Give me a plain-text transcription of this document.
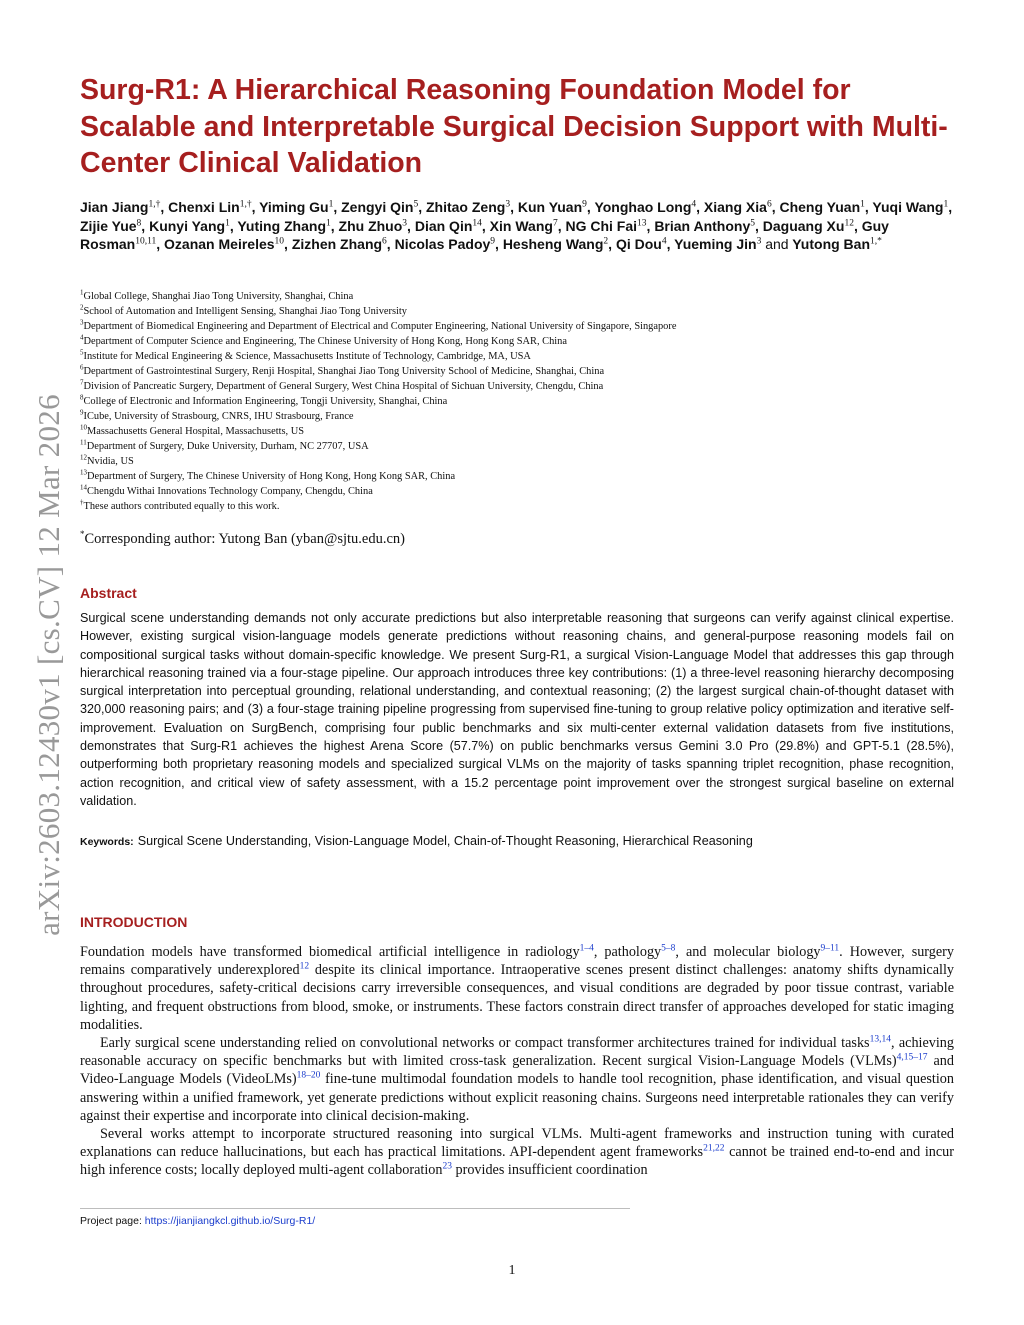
arXiv:2603.12430v1 [cs.CV] 12 Mar 2026
Surg-R1: A Hierarchical Reasoning Foundation Model for Scalable and Interpretable Surgical Decision Support with Multi-Center Clinical Validation

Jian Jiang$^{1,\dagger}$, Chenxi Lin$^{1,\dagger}$, Yiming Gu$^1$, Zengyi Qin$^5$, Zhitao Zeng$^3$, Kun Yuan$^9$, Yonghao Long$^4$, Xiang Xia$^6$, Cheng Yuan$^1$, Yuqi Wang$^1$, Zijie Yue$^8$, Kunyi Yang$^1$, Yuting Zhang$^1$, Zhu Zhuo$^3$, Dian Qin$^{14}$, Xin Wang$^7$, NG Chi Fai$^{13}$, Brian Anthony$^5$, Daguang Xu$^{12}$, Guy Rosman$^{10,11}$, Ozanan Meireles$^{10}$, Zizhen Zhang$^6$, Nicolas Padoy$^9$, Hesheng Wang$^2$, Qi Dou$^4$, Yueming Jin$^3$ and Yutong Ban$^{1,*}$

$^1$Global College, Shanghai Jiao Tong University, Shanghai, China
$^2$School of Automation and Intelligent Sensing, Shanghai Jiao Tong University
$^3$Department of Biomedical Engineering and Department of Electrical and Computer Engineering, National University of Singapore, Singapore
$^4$Department of Computer Science and Engineering, The Chinese University of Hong Kong, Hong Kong SAR, China
$^5$Institute for Medical Engineering & Science, Massachusetts Institute of Technology, Cambridge, MA, USA
$^6$Department of Gastrointestinal Surgery, Renji Hospital, Shanghai Jiao Tong University School of Medicine, Shanghai, China
$^7$Division of Pancreatic Surgery, Department of General Surgery, West China Hospital of Sichuan University, Chengdu, China
$^8$College of Electronic and Information Engineering, Tongji University, Shanghai, China
$^9$ICube, University of Strasbourg, CNRS, IHU Strasbourg, France
$^{10}$Massachusetts General Hospital, Massachusetts, US
$^{11}$Department of Surgery, Duke University, Durham, NC 27707, USA
$^{12}$Nvidia, US
$^{13}$Department of Surgery, The Chinese University of Hong Kong, Hong Kong SAR, China
$^{14}$Chengdu Withai Innovations Technology Company, Chengdu, China
†These authors contributed equally to this work.
*Corresponding author: Yutong Ban (yban@sjtu.edu.cn)
Abstract

Surgical scene understanding demands not only accurate predictions but also interpretable reasoning that surgeons can verify against clinical expertise. However, existing surgical vision-language models generate predictions without reasoning chains, and general-purpose reasoning models fail on compositional surgical tasks without domain-specific knowledge. We present Surg-R1, a surgical Vision-Language Model that addresses this gap through hierarchical reasoning trained via a four-stage pipeline. Our approach introduces three key contributions: (1) a three-level reasoning hierarchy decomposing surgical interpretation into perceptual grounding, relational understanding, and contextual reasoning; (2) the largest surgical chain-of-thought dataset with 320,000 reasoning pairs; and (3) a four-stage training pipeline progressing from supervised fine-tuning to group relative policy optimization and iterative self-improvement. Evaluation on SurgBench, comprising four public benchmarks and six multi-center external validation datasets from five institutions, demonstrates that Surg-R1 achieves the highest Arena Score (57.7%) on public benchmarks versus Gemini 3.0 Pro (29.8%) and GPT-5.1 (28.5%), outperforming both proprietary reasoning models and specialized surgical VLMs on the majority of tasks spanning triplet recognition, phase recognition, action recognition, and critical view of safety assessment, with a 15.2 percentage point improvement over the strongest surgical baseline on external validation.

Keywords: Surgical Scene Understanding, Vision-Language Model, Chain-of-Thought Reasoning, Hierarchical Reasoning
INTRODUCTION

Foundation models have transformed biomedical artificial intelligence in radiology$^{1-4}$, pathology$^{5-8}$, and molecular biology$^{9-11}$. However, surgery remains comparatively underexplored$^{12}$ despite its clinical importance. Intraoperative scenes present distinct challenges: anatomy shifts dynamically throughout procedures, safety-critical decisions carry irreversible consequences, and visual conditions are degraded by poor tissue contrast, variable lighting, and frequent obstructions from blood, smoke, or instruments. These factors constrain direct transfer of approaches developed for static imaging modalities.

Early surgical scene understanding relied on convolutional networks or compact transformer architectures trained for individual tasks$^{13,14}$, achieving reasonable accuracy on specific benchmarks but with limited cross-task generalization. Recent surgical Vision-Language Models (VLMs)$^{4,15-17}$ and Video-Language Models (VideoLMs)$^{18-20}$ fine-tune multimodal foundation models to handle tool recognition, phase identification, and visual question answering within a unified framework, yet generate predictions without explicit reasoning chains. Surgeons need interpretable rationales they can verify against their expertise and incorporate into clinical decision-making.

Several works attempt to incorporate structured reasoning into surgical VLMs. Multi-agent frameworks and instruction tuning with curated explanations can reduce hallucinations, but each has practical limitations. API-dependent agent frameworks$^{21,22}$ cannot be trained end-to-end and incur high inference costs; locally deployed multi-agent collaboration$^{23}$ provides insufficient coordination

Project page: https://jianjiangkcl.github.io/Surg-R1/
1
